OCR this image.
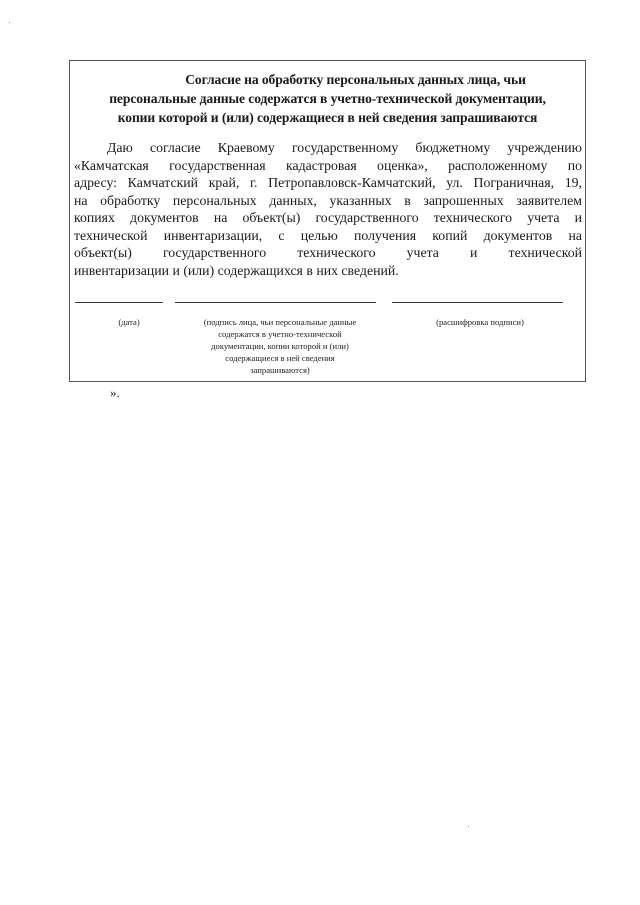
Согласие на обработку персональных данных лица, чьи
персональные данные содержатся в учетно-технической документации,
копии которой и (или) содержащиеся в ней сведения запрашиваются

Даю согласие Краевому государственному бюджетному учреждению
«Камчатская государственная кадастровая оценка», расположенному по
адресу: Камчатский край, г. Петропавловск-Камчатский, ул. Пограничная, 19,
на обработку персональных данных, указанных в запрошенных заявителем
копиях документов на объект(ы) государственного технического учета и
технической инвентаризации, с целью получения копий документов на
объект(ы) государственного технического учета и технической
инвентаризации и (или) содержащихся в них сведений.

(дата)	(подпись лица, чьи персональные данные
содержатся в учетно-технической
документации, копии которой и (или)
содержащиеся в ней сведения
запрашиваются)
(расшифровка подписи)
».
